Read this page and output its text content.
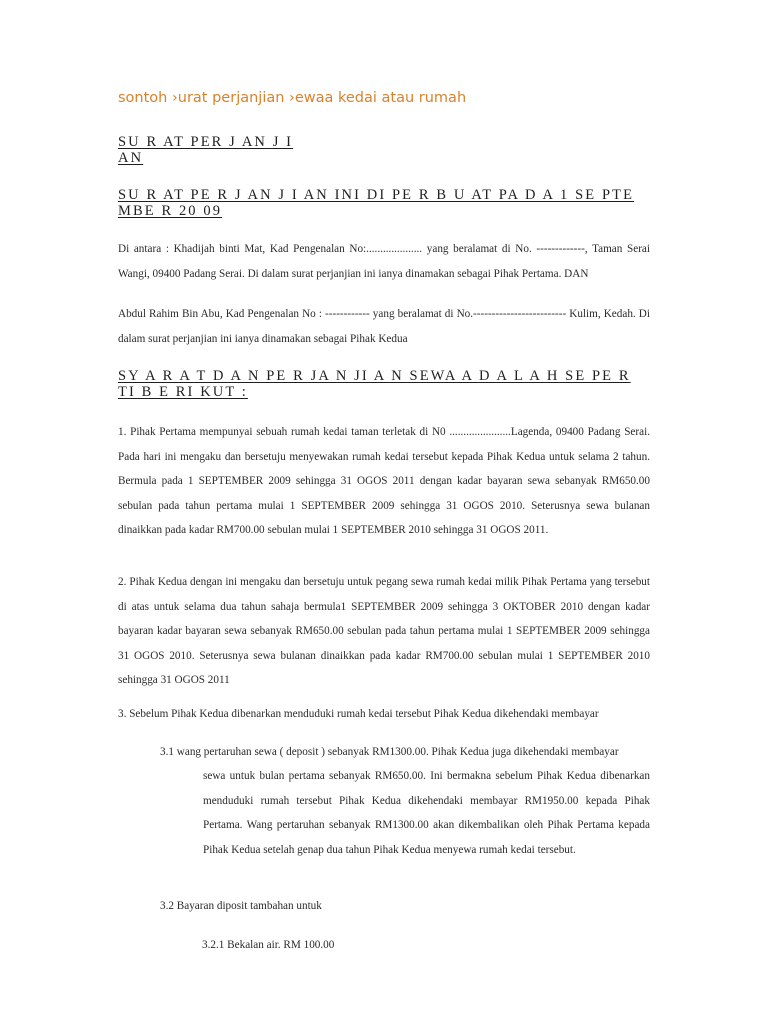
sontoh ›urat perjanjian ›ewaa kedai atau rumah
SU R AT PER J AN J I
AN
SU R AT PE R J AN J I AN INI DI PE R B U AT PA D A 1 SE PTE
MBE R 20 09
Di antara : Khadijah binti Mat, Kad Pengenalan No:.................... yang beralamat di No. -------------, Taman Serai Wangi, 09400 Padang Serai. Di dalam surat perjanjian ini ianya dinamakan sebagai Pihak Pertama. DAN
Abdul Rahim Bin Abu, Kad Pengenalan No : ------------ yang beralamat di No.------------------------- Kulim, Kedah. Di dalam surat perjanjian ini ianya dinamakan sebagai Pihak Kedua
SY A R A T D A N PE R JA N JI A N SEWA A D A L A H SE PE R
TI B E RI KUT :
1. Pihak Pertama mempunyai sebuah rumah kedai taman terletak di N0 ......................Lagenda, 09400 Padang Serai. Pada hari ini mengaku dan bersetuju menyewakan rumah kedai tersebut kepada Pihak Kedua untuk selama 2 tahun. Bermula pada 1 SEPTEMBER 2009 sehingga 31 OGOS 2011 dengan kadar bayaran sewa sebanyak RM650.00 sebulan pada tahun pertama mulai 1 SEPTEMBER 2009 sehingga 31 OGOS 2010. Seterusnya sewa bulanan dinaikkan pada kadar RM700.00 sebulan mulai 1 SEPTEMBER 2010 sehingga 31 OGOS 2011.
2. Pihak Kedua dengan ini mengaku dan bersetuju untuk pegang sewa rumah kedai milik Pihak Pertama yang tersebut di atas untuk selama dua tahun sahaja bermula1 SEPTEMBER 2009 sehingga 3 OKTOBER 2010 dengan kadar bayaran kadar bayaran sewa sebanyak RM650.00 sebulan pada tahun pertama mulai 1 SEPTEMBER 2009 sehingga 31 OGOS 2010. Seterusnya sewa bulanan dinaikkan pada kadar RM700.00 sebulan mulai 1 SEPTEMBER 2010 sehingga 31 OGOS 2011
3. Sebelum Pihak Kedua dibenarkan menduduki rumah kedai tersebut Pihak Kedua dikehendaki membayar
3.1 wang pertaruhan sewa ( deposit ) sebanyak RM1300.00. Pihak Kedua juga dikehendaki membayar
sewa untuk bulan pertama sebanyak RM650.00. Ini bermakna sebelum Pihak Kedua dibenarkan menduduki rumah tersebut Pihak Kedua dikehendaki membayar RM1950.00 kepada Pihak Pertama. Wang pertaruhan sebanyak RM1300.00 akan dikembalikan oleh Pihak Pertama kepada Pihak Kedua setelah genap dua tahun Pihak Kedua menyewa rumah kedai tersebut.
3.2 Bayaran diposit tambahan untuk
3.2.1 Bekalan air. RM 100.00
